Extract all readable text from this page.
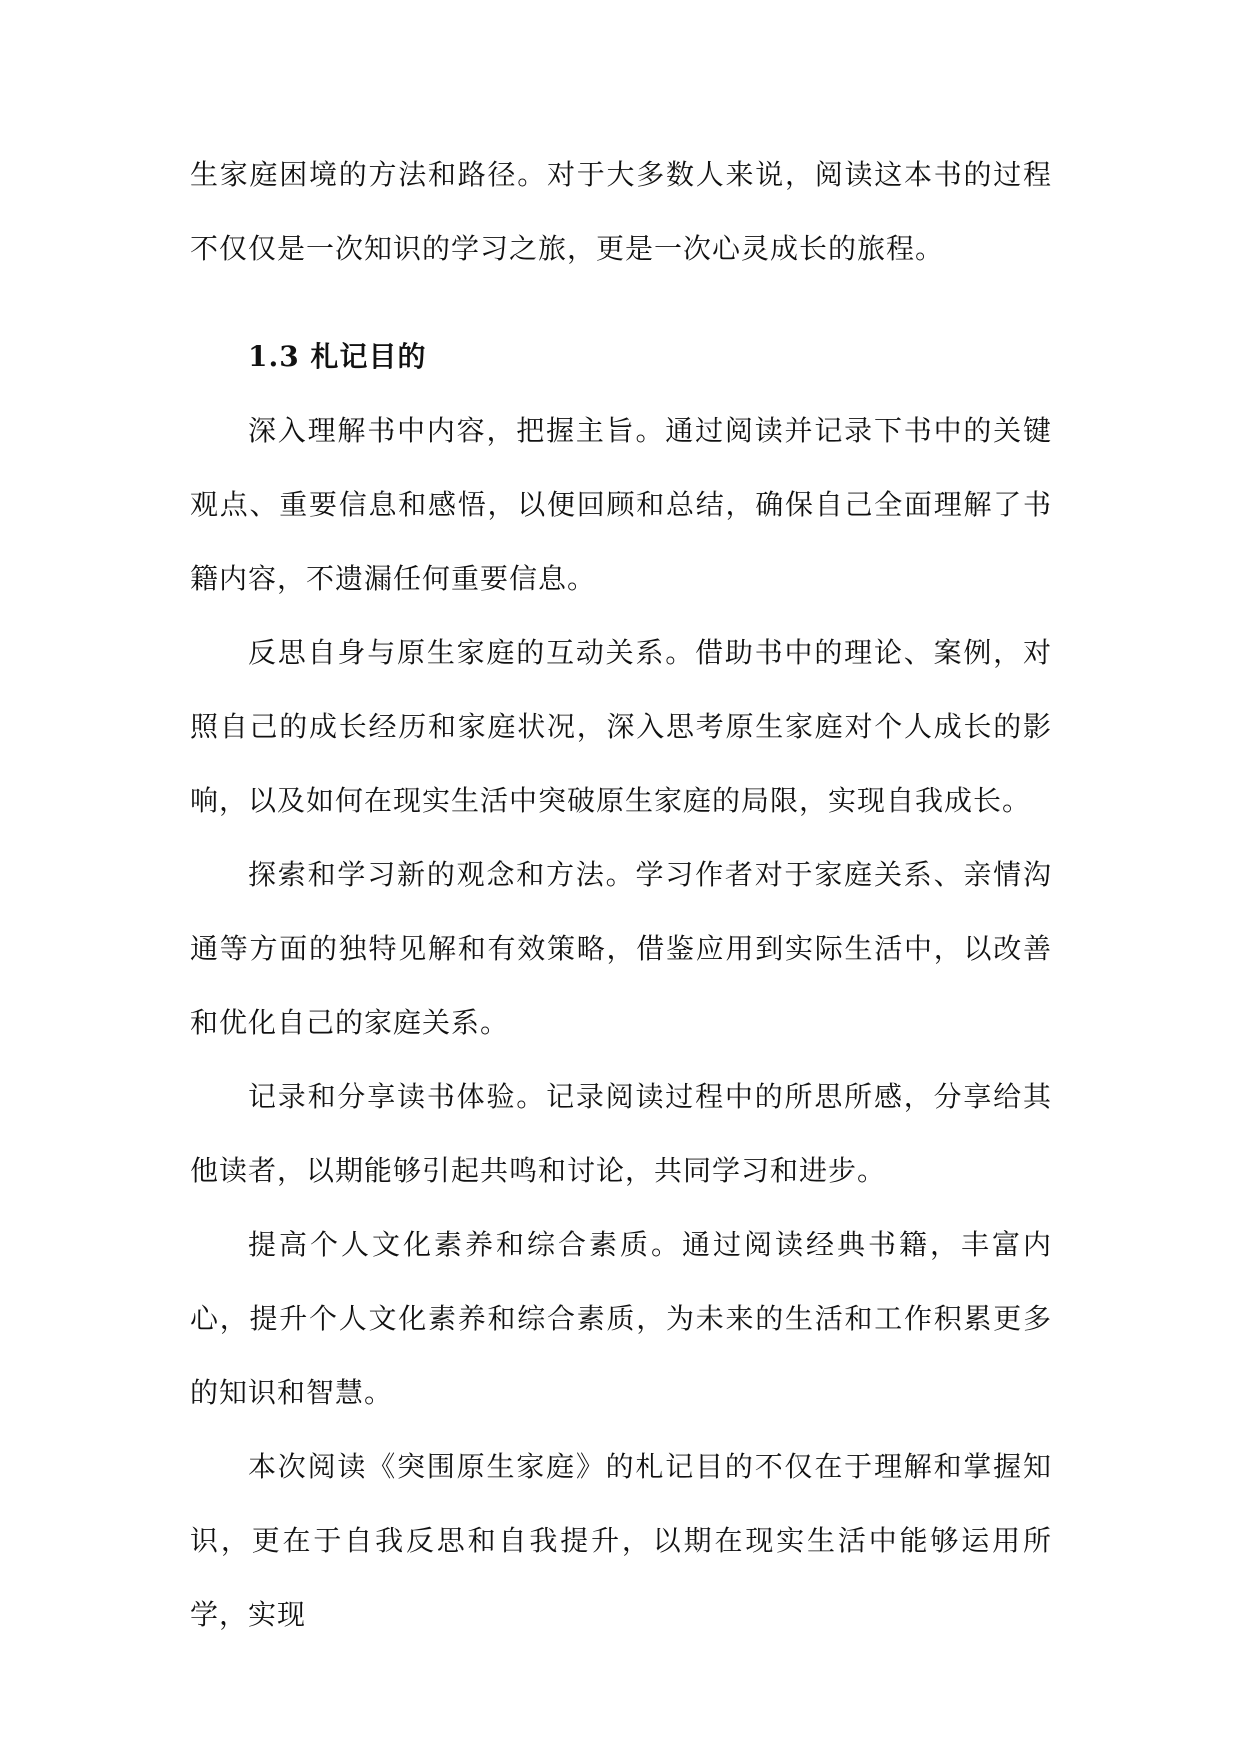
生家庭困境的方法和路径。对于大多数人来说，阅读这本书的过程不仅仅是一次知识的学习之旅，更是一次心灵成长的旅程。

1.3 札记目的

深入理解书中内容，把握主旨。通过阅读并记录下书中的关键观点、重要信息和感悟，以便回顾和总结，确保自己全面理解了书籍内容，不遗漏任何重要信息。

反思自身与原生家庭的互动关系。借助书中的理论、案例，对照自己的成长经历和家庭状况，深入思考原生家庭对个人成长的影响，以及如何在现实生活中突破原生家庭的局限，实现自我成长。

探索和学习新的观念和方法。学习作者对于家庭关系、亲情沟通等方面的独特见解和有效策略，借鉴应用到实际生活中，以改善和优化自己的家庭关系。

记录和分享读书体验。记录阅读过程中的所思所感，分享给其他读者，以期能够引起共鸣和讨论，共同学习和进步。

提高个人文化素养和综合素质。通过阅读经典书籍，丰富内心，提升个人文化素养和综合素质，为未来的生活和工作积累更多的知识和智慧。

本次阅读《突围原生家庭》的札记目的不仅在于理解和掌握知识，更在于自我反思和自我提升，以期在现实生活中能够运用所学，实现
